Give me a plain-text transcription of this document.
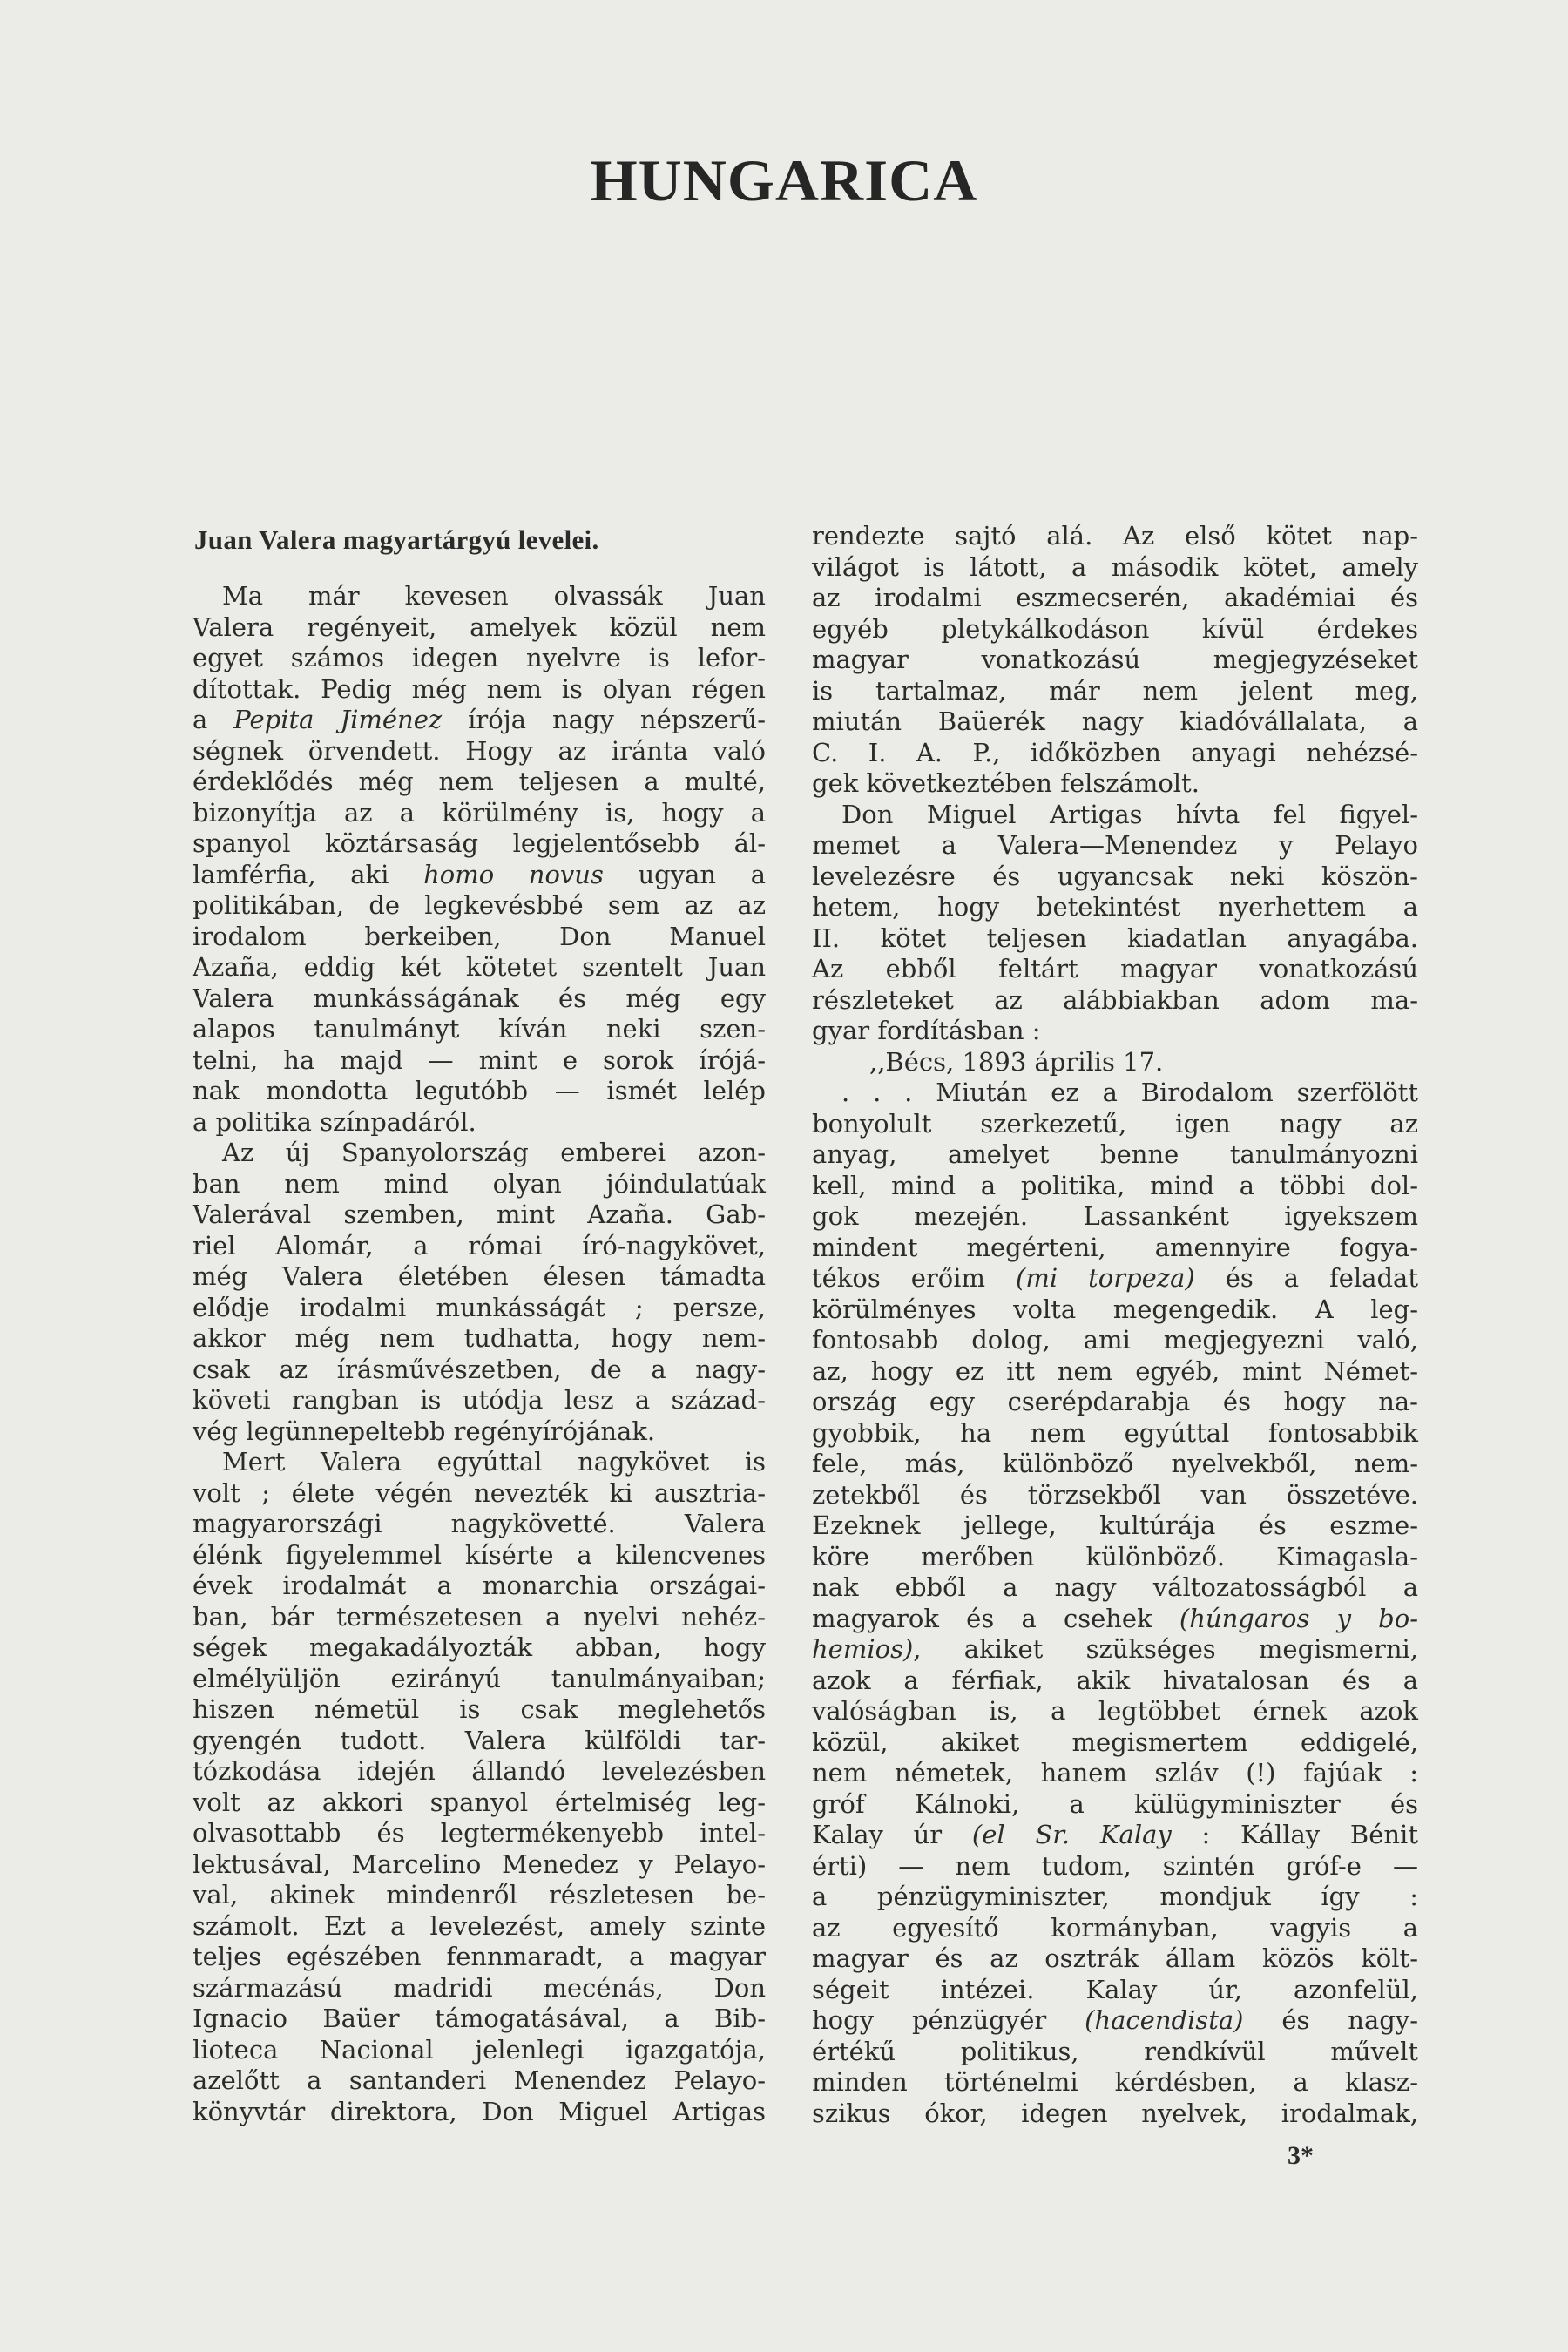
HUNGARICA
Juan Valera magyartárgyú levelei.
Ma már kevesen olvassák Juan
Valera regényeit, amelyek közül nem
egyet számos idegen nyelvre is lefor-
dítottak. Pedig még nem is olyan régen
a Pepita Jiménez írója nagy népszerű-
ségnek örvendett. Hogy az iránta való
érdeklődés még nem teljesen a multé,
bizonyítja az a körülmény is, hogy a
spanyol köztársaság legjelentősebb ál-
lamférfia, aki homo novus ugyan a
politikában, de legkevésbbé sem az az
irodalom berkeiben, Don Manuel
Azaña, eddig két kötetet szentelt Juan
Valera munkásságának és még egy
alapos tanulmányt kíván neki szen-
telni, ha majd — mint e sorok írójá-
nak mondotta legutóbb — ismét lelép
a politika színpadáról.
Az új Spanyolország emberei azon-
ban nem mind olyan jóindulatúak
Valerával szemben, mint Azaña. Gab-
riel Alomár, a római író-nagykövet,
még Valera életében élesen támadta
elődje irodalmi munkásságát ; persze,
akkor még nem tudhatta, hogy nem-
csak az írásművészetben, de a nagy-
követi rangban is utódja lesz a század-
vég legünnepeltebb regényírójának.
Mert Valera egyúttal nagykövet is
volt ; élete végén nevezték ki ausztria-
magyarországi nagykövetté. Valera
élénk figyelemmel kísérte a kilencvenes
évek irodalmát a monarchia országai-
ban, bár természetesen a nyelvi nehéz-
ségek megakadályozták abban, hogy
elmélyüljön ezirányú tanulmányaiban;
hiszen németül is csak meglehetős
gyengén tudott. Valera külföldi tar-
tózkodása idején állandó levelezésben
volt az akkori spanyol értelmiség leg-
olvasottabb és legtermékenyebb intel-
lektusával, Marcelino Menedez y Pelayo-
val, akinek mindenről részletesen be-
számolt. Ezt a levelezést, amely szinte
teljes egészében fennmaradt, a magyar
származású madridi mecénás, Don
Ignacio Baüer támogatásával, a Bib-
lioteca Nacional jelenlegi igazgatója,
azelőtt a santanderi Menendez Pelayo-
könyvtár direktora, Don Miguel Artigas
rendezte sajtó alá. Az első kötet nap-
világot is látott, a második kötet, amely
az irodalmi eszmecserén, akadémiai és
egyéb pletykálkodáson kívül érdekes
magyar vonatkozású megjegyzéseket
is tartalmaz, már nem jelent meg,
miután Baüerék nagy kiadóvállalata, a
C. I. A. P., időközben anyagi nehézsé-
gek következtében felszámolt.
Don Miguel Artigas hívta fel figyel-
memet a Valera—Menendez y Pelayo
levelezésre és ugyancsak neki köszön-
hetem, hogy betekintést nyerhettem a
II. kötet teljesen kiadatlan anyagába.
Az ebből feltárt magyar vonatkozású
részleteket az alábbiakban adom ma-
gyar fordításban :
,,Bécs, 1893 április 17.
. . . Miután ez a Birodalom szerfölött
bonyolult szerkezetű, igen nagy az
anyag, amelyet benne tanulmányozni
kell, mind a politika, mind a többi dol-
gok mezején. Lassanként igyekszem
mindent megérteni, amennyire fogya-
tékos erőim (mi torpeza) és a feladat
körülményes volta megengedik. A leg-
fontosabb dolog, ami megjegyezni való,
az, hogy ez itt nem egyéb, mint Német-
ország egy cserépdarabja és hogy na-
gyobbik, ha nem egyúttal fontosabbik
fele, más, különböző nyelvekből, nem-
zetekből és törzsekből van összetéve.
Ezeknek jellege, kultúrája és eszme-
köre merőben különböző. Kimagasla-
nak ebből a nagy változatosságból a
magyarok és a csehek (húngaros y bo-
hemios), akiket szükséges megismerni,
azok a férfiak, akik hivatalosan és a
valóságban is, a legtöbbet érnek azok
közül, akiket megismertem eddigelé,
nem németek, hanem szláv (!) fajúak :
gróf Kálnoki, a külügyminiszter és
Kalay úr (el Sr. Kalay : Kállay Bénit
érti) — nem tudom, szintén gróf-e —
a pénzügyminiszter, mondjuk így :
az egyesítő kormányban, vagyis a
magyar és az osztrák állam közös költ-
ségeit intézei. Kalay úr, azonfelül,
hogy pénzügyér (hacendista) és nagy-
értékű politikus, rendkívül művelt
minden történelmi kérdésben, a klasz-
szikus ókor, idegen nyelvek, irodalmak,
3*
